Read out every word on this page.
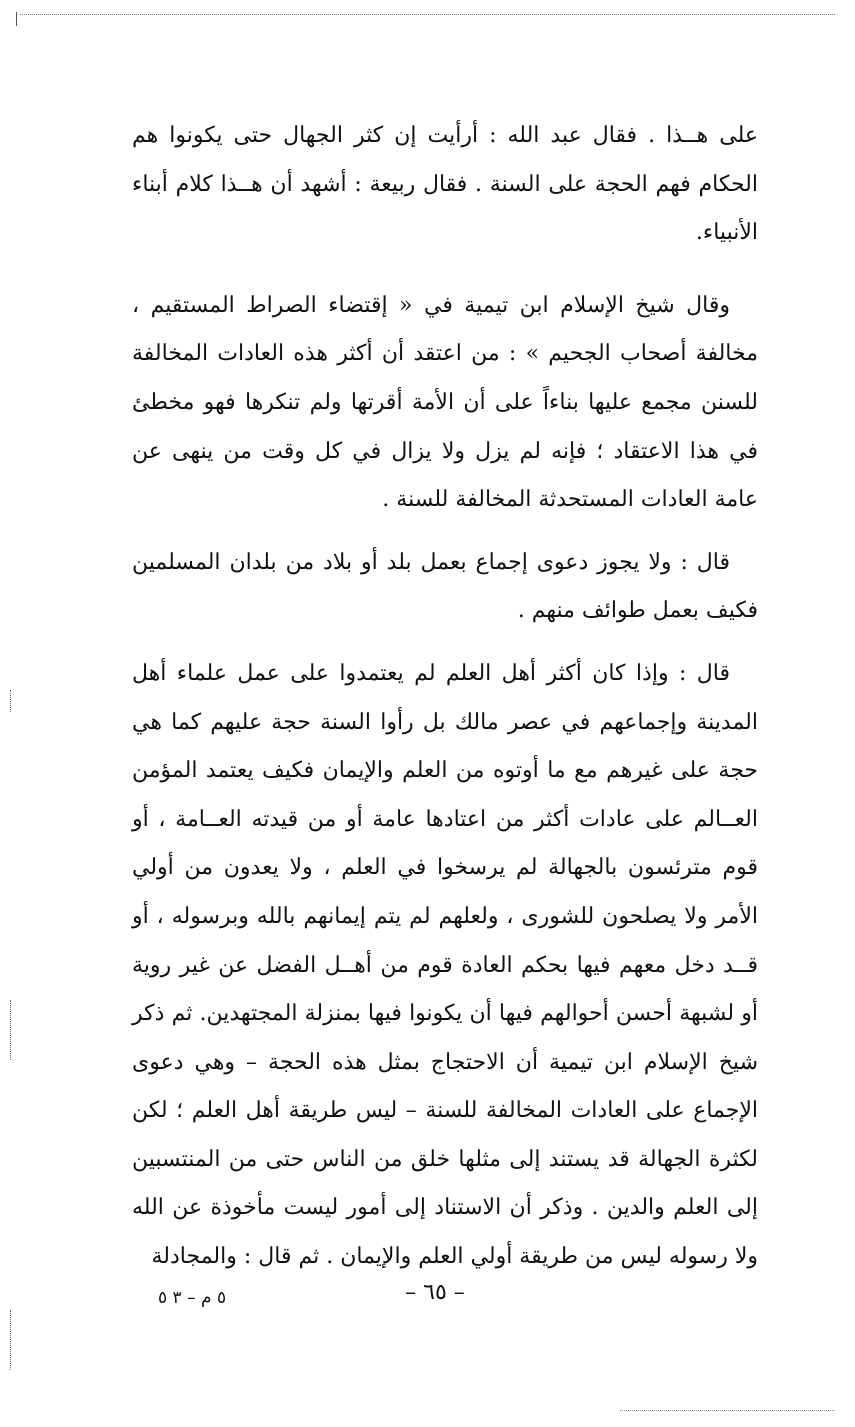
على هــذا . فقال عبد الله : أرأيت إن كثر الجهال حتى يكونوا هم الحكام فهم الحجة على السنة . فقال ربيعة : أشهد أن هــذا كلام أبناء الأنبياء.

وقال شيخ الإسلام ابن تيمية في « إقتضاء الصراط المستقيم ، مخالفة أصحاب الجحيم » : من اعتقد أن أكثر هذه العادات المخالفة للسنن مجمع عليها بناءاً على أن الأمة أقرتها ولم تنكرها فهو مخطئ في هذا الاعتقاد ؛ فإنه لم يزل ولا يزال في كل وقت من ينهى عن عامة العادات المستحدثة المخالفة للسنة .

قال : ولا يجوز دعوى إجماع بعمل بلد أو بلاد من بلدان المسلمين فكيف بعمل طوائف منهم .

قال : وإذا كان أكثر أهل العلم لم يعتمدوا على عمل علماء أهل المدينة وإجماعهم في عصر مالك بل رأوا السنة حجة عليهم كما هي حجة على غيرهم مع ما أوتوه من العلم والإيمان فكيف يعتمد المؤمن العــالم على عادات أكثر من اعتادها عامة أو من قيدته العــامة ، أو قوم مترئسون بالجهالة لم يرسخوا في العلم ، ولا يعدون من أولي الأمر ولا يصلحون للشورى ، ولعلهم لم يتم إيمانهم بالله وبرسوله ، أو قــد دخل معهم فيها بحكم العادة قوم من أهــل الفضل عن غير روية أو لشبهة أحسن أحوالهم فيها أن يكونوا فيها بمنزلة المجتهدين. ثم ذكر شيخ الإسلام ابن تيمية أن الاحتجاج بمثل هذه الحجة – وهي دعوى الإجماع على العادات المخالفة للسنة – ليس طريقة أهل العلم ؛ لكن لكثرة الجهالة قد يستند إلى مثلها خلق من الناس حتى من المنتسبين إلى العلم والدين . وذكر أن الاستناد إلى أمور ليست مأخوذة عن الله ولا رسوله ليس من طريقة أولي العلم والإيمان . ثم قال : والمجادلة

– ٦٥ –
٥ م – ٣ ٥
